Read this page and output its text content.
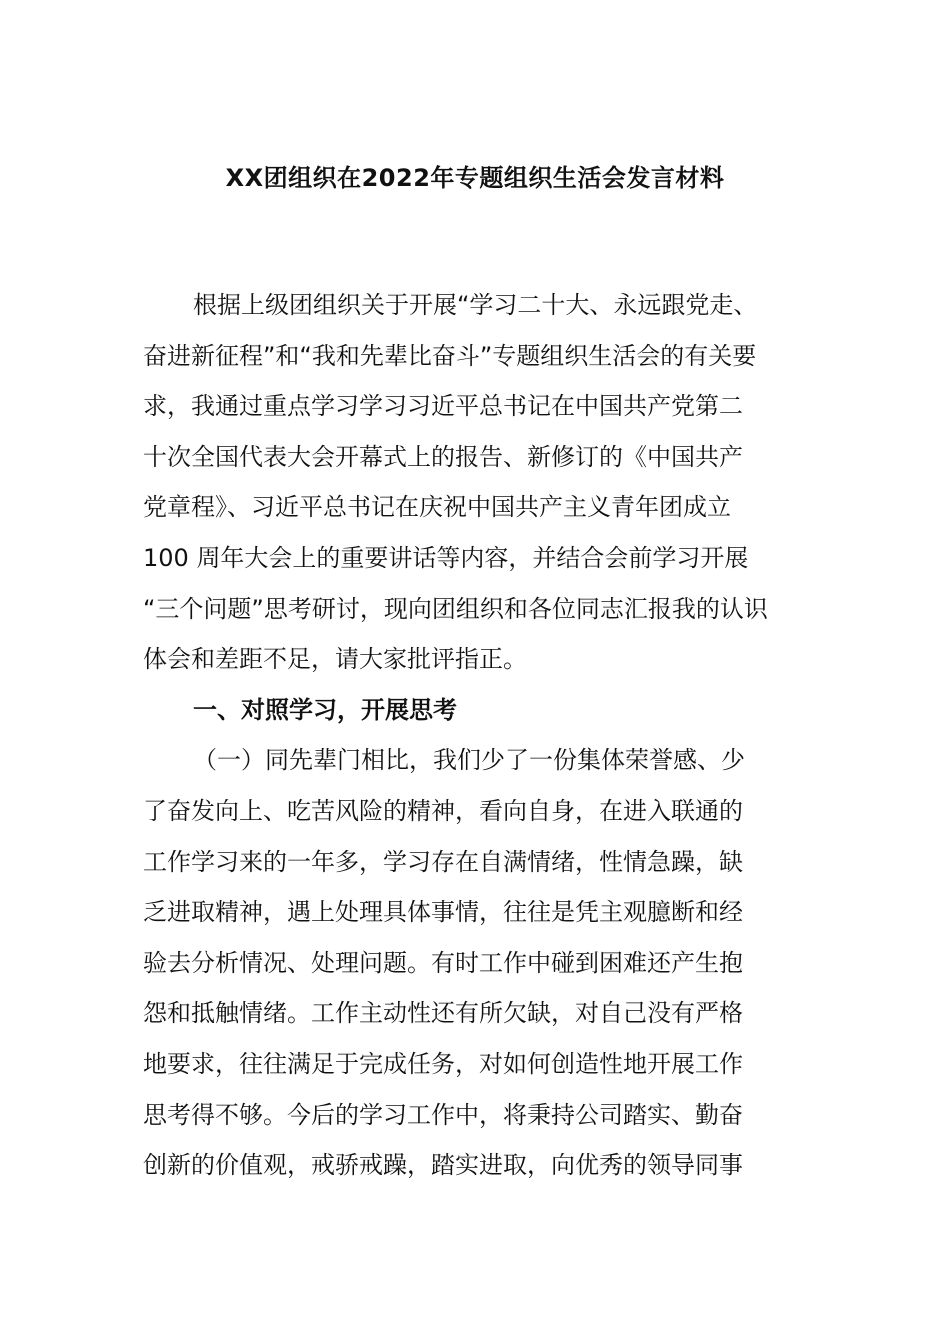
XX团组织在2022年专题组织生活会发言材料
根据上级团组织关于开展“学习二十大、永远跟党走、
奋进新征程”和“我和先辈比奋斗”专题组织生活会的有关要
求，我通过重点学习学习习近平总书记在中国共产党第二
十次全国代表大会开幕式上的报告、新修订的《中国共产
党章程》、习近平总书记在庆祝中国共产主义青年团成立
100 周年大会上的重要讲话等内容，并结合会前学习开展
“三个问题”思考研讨，现向团组织和各位同志汇报我的认识
体会和差距不足，请大家批评指正。
一、对照学习，开展思考
（一）同先辈门相比，我们少了一份集体荣誉感、少
了奋发向上、吃苦风险的精神，看向自身，在进入联通的
工作学习来的一年多，学习存在自满情绪，性情急躁，缺
乏进取精神，遇上处理具体事情，往往是凭主观臆断和经
验去分析情况、处理问题。有时工作中碰到困难还产生抱
怨和抵触情绪。工作主动性还有所欠缺，对自己没有严格
地要求，往往满足于完成任务，对如何创造性地开展工作
思考得不够。今后的学习工作中，将秉持公司踏实、勤奋
创新的价值观，戒骄戒躁，踏实进取，向优秀的领导同事
